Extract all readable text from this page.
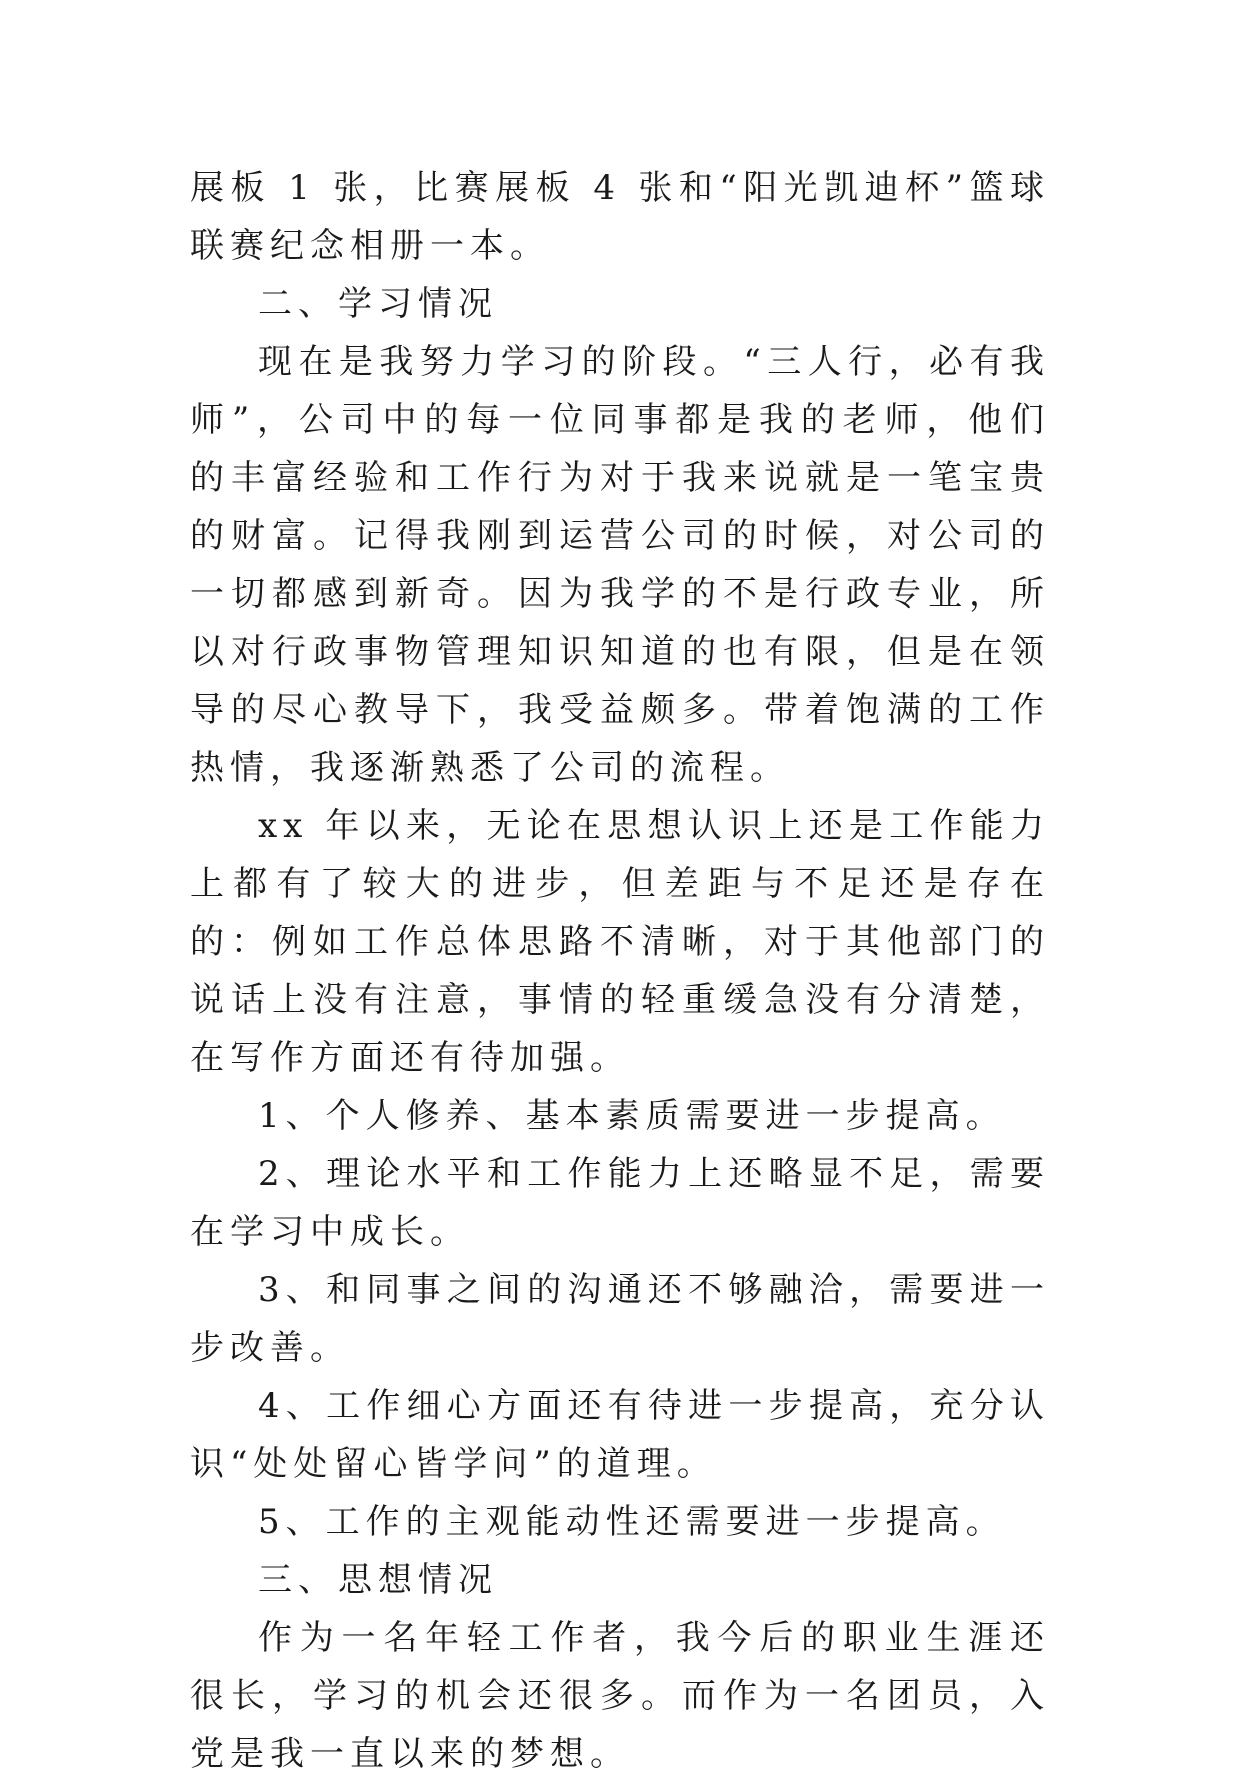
展板 1 张，比赛展板 4 张和“阳光凯迪杯”篮球联赛纪念相册一本。

二、学习情况

现在是我努力学习的阶段。“三人行，必有我师”，公司中的每一位同事都是我的老师，他们的丰富经验和工作行为对于我来说就是一笔宝贵的财富。记得我刚到运营公司的时候，对公司的一切都感到新奇。因为我学的不是行政专业，所以对行政事物管理知识知道的也有限，但是在领导的尽心教导下，我受益颇多。带着饱满的工作热情，我逐渐熟悉了公司的流程。

xx 年以来，无论在思想认识上还是工作能力上都有了较大的进步，但差距与不足还是存在的：例如工作总体思路不清晰，对于其他部门的说话上没有注意，事情的轻重缓急没有分清楚，在写作方面还有待加强。

1、个人修养、基本素质需要进一步提高。

2、理论水平和工作能力上还略显不足，需要在学习中成长。

3、和同事之间的沟通还不够融洽，需要进一步改善。

4、工作细心方面还有待进一步提高，充分认识“处处留心皆学问”的道理。

5、工作的主观能动性还需要进一步提高。

三、思想情况

作为一名年轻工作者，我今后的职业生涯还很长，学习的机会还很多。而作为一名团员，入党是我一直以来的梦想。
